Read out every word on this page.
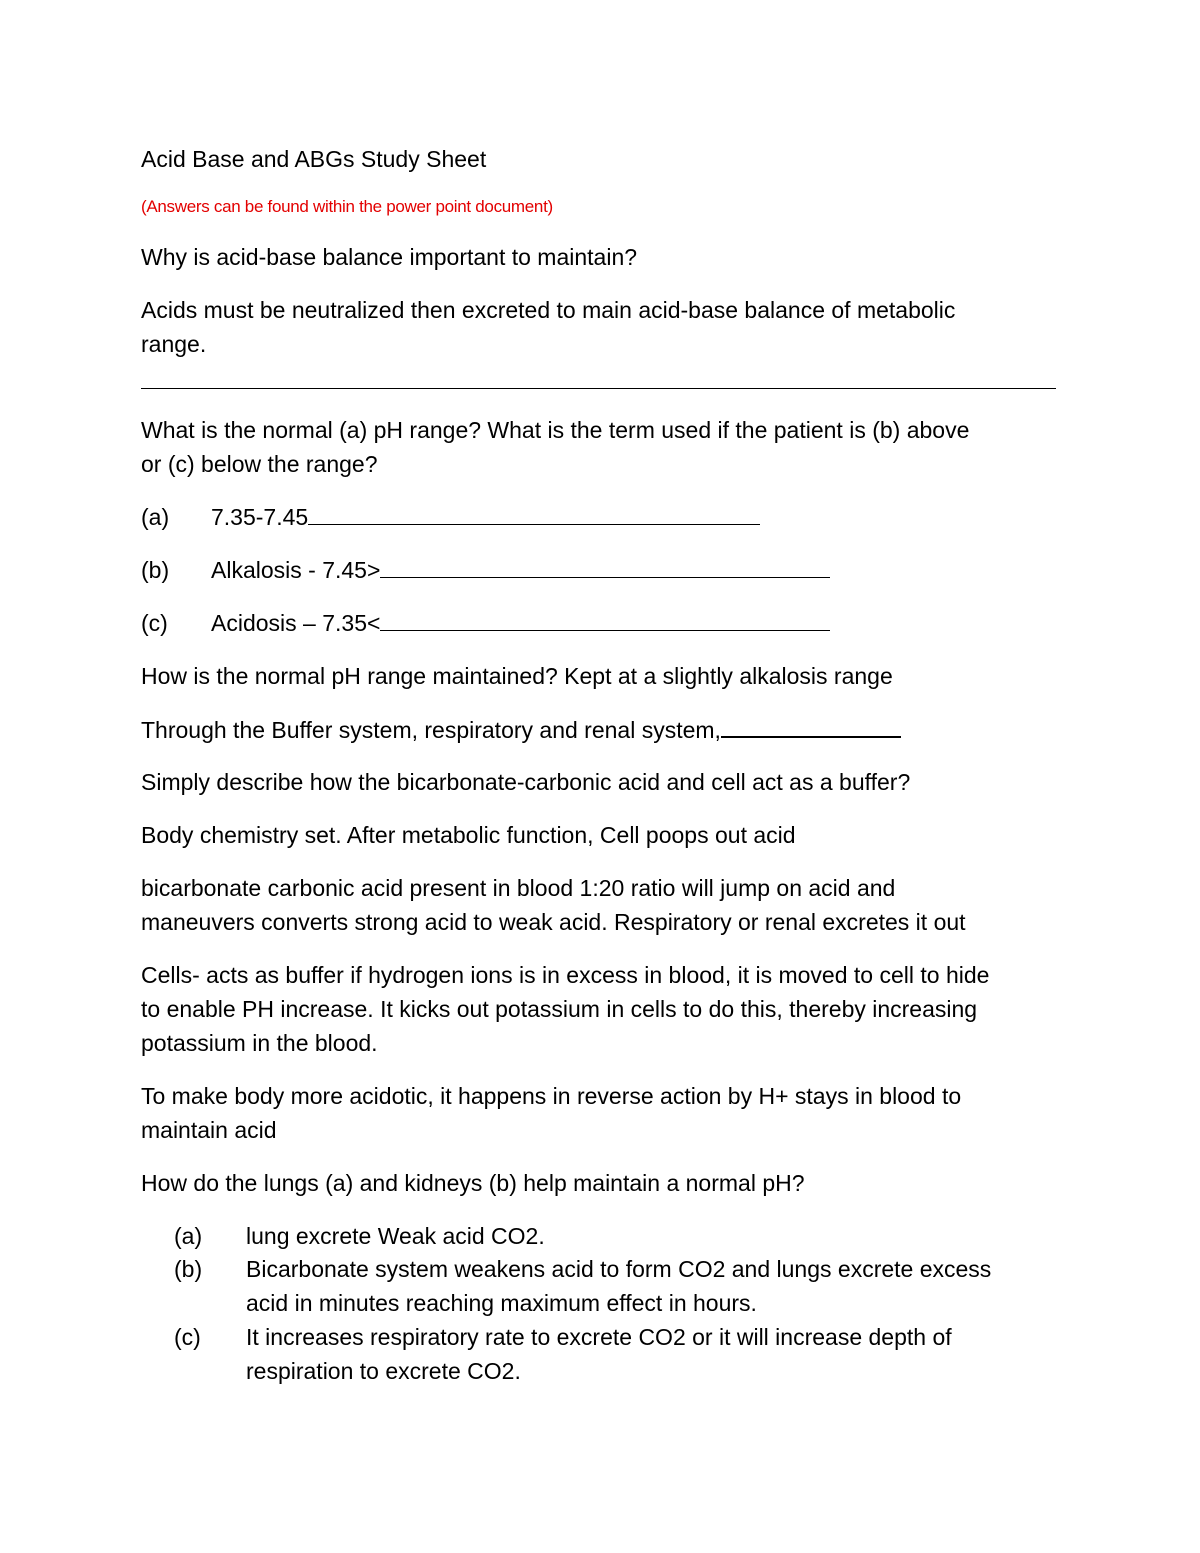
Acid Base and ABGs Study Sheet

(Answers can be found within the power point document)

Why is acid-base balance important to maintain?

Acids must be neutralized then excreted to main acid-base balance of metabolic

range.

What is the normal (a) pH range? What is the term used if the patient is (b) above

or (c) below the range?

(a) 7.35-7.45

(b) Alkalosis - 7.45>

(c) Acidosis – 7.35<

How is the normal pH range maintained? Kept at a slightly alkalosis range

Through the Buffer system, respiratory and renal system,

Simply describe how the bicarbonate-carbonic acid and cell act as a buffer?

Body chemistry set. After metabolic function, Cell poops out acid

bicarbonate carbonic acid present in blood 1:20 ratio will jump on acid and

maneuvers converts strong acid to weak acid. Respiratory or renal excretes it out

Cells- acts as buffer if hydrogen ions is in excess in blood, it is moved to cell to hide

to enable PH increase. It kicks out potassium in cells to do this, thereby increasing

potassium in the blood.

To make body more acidotic, it happens in reverse action by H+ stays in blood to

maintain acid

How do the lungs (a) and kidneys (b) help maintain a normal pH?

(a) lung excrete Weak acid CO2.
(b) Bicarbonate system weakens acid to form CO2 and lungs excrete excess
acid in minutes reaching maximum effect in hours.
(c) It increases respiratory rate to excrete CO2 or it will increase depth of
respiration to excrete CO2.
